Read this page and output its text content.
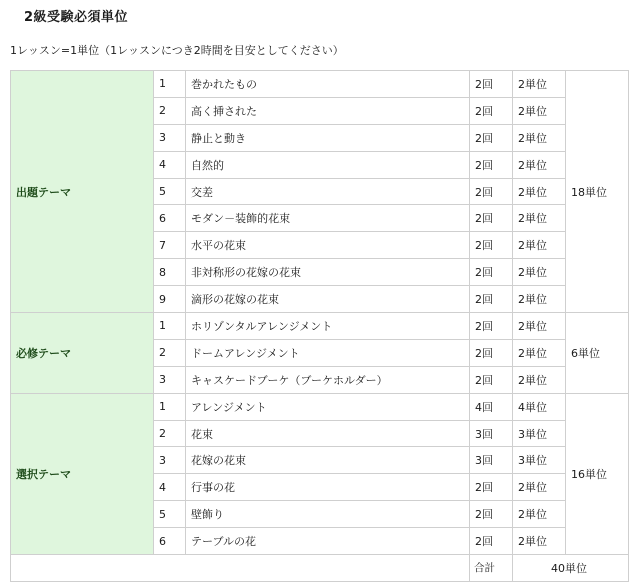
2級受験必須単位
1レッスン=1単位（1レッスンにつき2時間を目安としてください）
出題テーマ	1	巻かれたもの	2回	2単位	18単位
	2	高く挿された	2回	2単位	
	3	静止と動き	2回	2単位	
	4	自然的	2回	2単位	
	5	交差	2回	2単位	
	6	モダン－装飾的花束	2回	2単位	
	7	水平の花束	2回	2単位	
	8	非対称形の花嫁の花束	2回	2単位	
	9	滴形の花嫁の花束	2回	2単位	
必修テーマ	1	ホリゾンタルアレンジメント	2回	2単位	6単位
	2	ドームアレンジメント	2回	2単位	
	3	キャスケードブーケ（ブーケホルダー）	2回	2単位	
選択テーマ	1	アレンジメント	4回	4単位	16単位
	2	花束	3回	3単位	
	3	花嫁の花束	3回	3単位	
	4	行事の花	2回	2単位	
	5	壁飾り	2回	2単位	
	6	テーブルの花	2回	2単位	
			合計	40単位	
